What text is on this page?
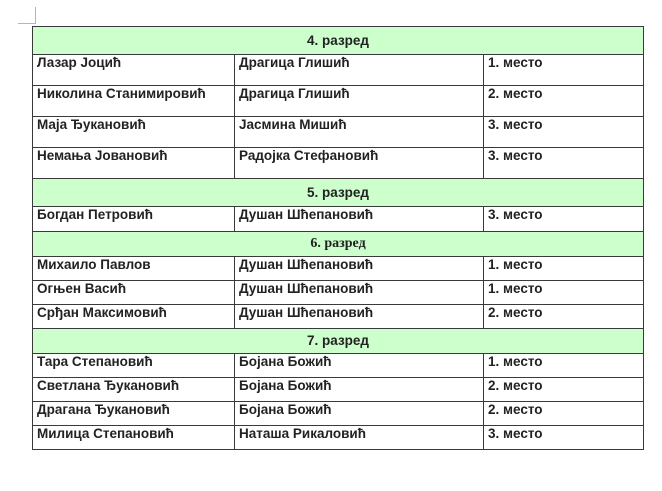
4. разред		
Лазар Јоцић	Драгица Глишић	1. место
Николина Станимировић	Драгица Глишић	2. место
Маја Ђукановић	Јасмина Мишић	3. место
Немања Јовановић	Радојка Стефановић	3. место
5. разред		
Богдан Петровић	Душан Шћепановић	3. место
6. разред		
Михаило Павлов	Душан Шћепановић	1. место
Огњен Васић	Душан Шћепановић	1. место
Срђан Максимовић	Душан Шћепановић	2. место
7. разред		
Тара Степановић	Бојана Божић	1. место
Светлана Ђукановић	Бојана Божић	2. место
Драгана Ђукановић	Бојана Божић	2. место
Милица Степановић	Наташа Рикаловић	3. место
